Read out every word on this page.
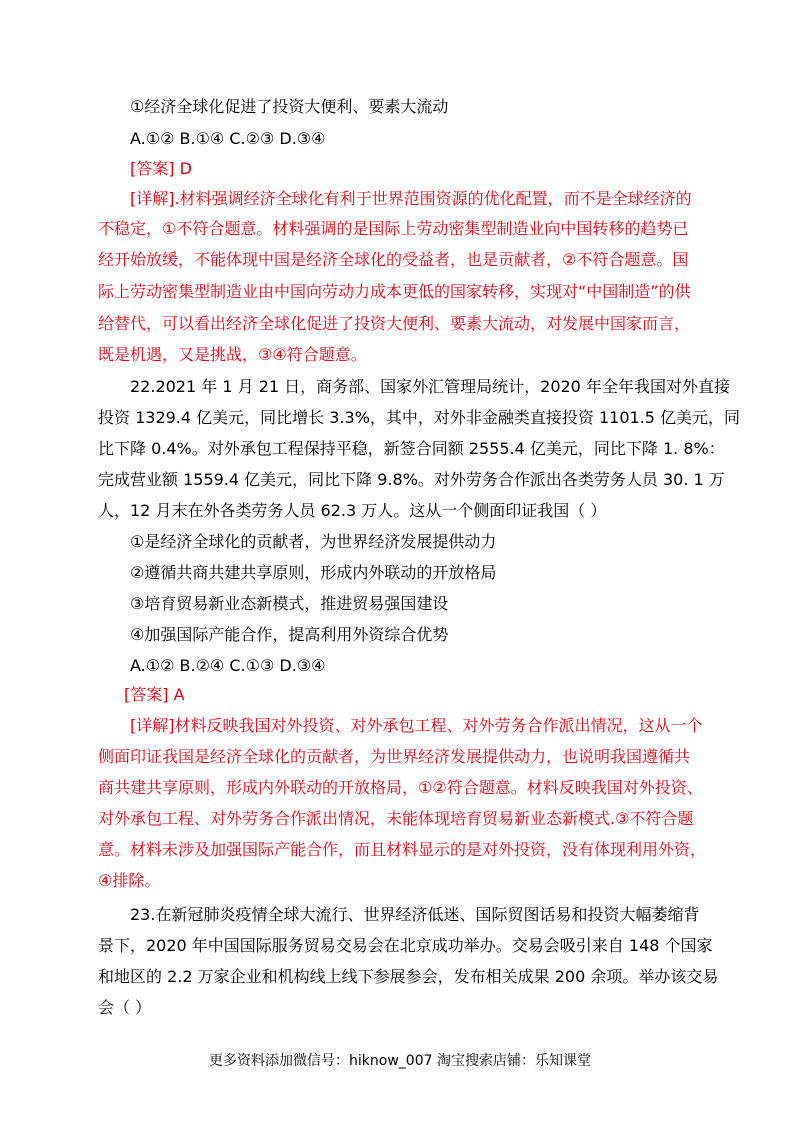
①经济全球化促进了投资大便利、要素大流动
A.①② B.①④ C.②③ D.③④
[答案] D
[详解].材料强调经济全球化有利于世界范围资源的优化配置，而不是全球经济的
不稳定，①不符合题意。材料强调的是国际上劳动密集型制造业向中国转移的趋势已
经开始放缓，不能体现中国是经济全球化的受益者，也是贡献者，②不符合题意。国
际上劳动密集型制造业由中国向劳动力成本更低的国家转移，实现对“中国制造”的供
给替代，可以看出经济全球化促进了投资大便利、要素大流动，对发展中国家而言，
既是机遇，又是挑战，③④符合题意。
22.2021 年 1 月 21 日，商务部、国家外汇管理局统计，2020 年全年我国对外直接
投资 1329.4 亿美元，同比增长 3.3%，其中，对外非金融类直接投资 1101.5 亿美元，同
比下降 0.4%。对外承包工程保持平稳，新签合同额 2555.4 亿美元，同比下降 1. 8%：
完成营业额 1559.4 亿美元，同比下降 9.8%。对外劳务合作派出各类劳务人员 30. 1 万
人，12 月末在外各类劳务人员 62.3 万人。这从一个侧面印证我国（ ）
①是经济全球化的贡献者，为世界经济发展提供动力
②遵循共商共建共享原则，形成内外联动的开放格局
③培育贸易新业态新模式，推进贸易强国建设
④加强国际产能合作，提高利用外资综合优势
A.①② B.②④ C.①③ D.③④
[答案] A
[详解]材料反映我国对外投资、对外承包工程、对外劳务合作派出情况，这从一个
侧面印证我国是经济全球化的贡献者，为世界经济发展提供动力，也说明我国遵循共
商共建共享原则，形成内外联动的开放格局，①②符合题意。材料反映我国对外投资、
对外承包工程、对外劳务合作派出情况，未能体现培育贸易新业态新模式.③不符合题
意。材料未涉及加强国际产能合作，而且材料显示的是对外投资，没有体现利用外资，
④排除。
23.在新冠肺炎疫情全球大流行、世界经济低迷、国际贸图话易和投资大幅萎缩背
景下，2020 年中国国际服务贸易交易会在北京成功举办。交易会吸引来自 148 个国家
和地区的 2.2 万家企业和机构线上线下参展参会，发布相关成果 200 余项。举办该交易
会（ ）
更多资料添加微信号：hiknow_007 淘宝搜索店铺：乐知课堂
